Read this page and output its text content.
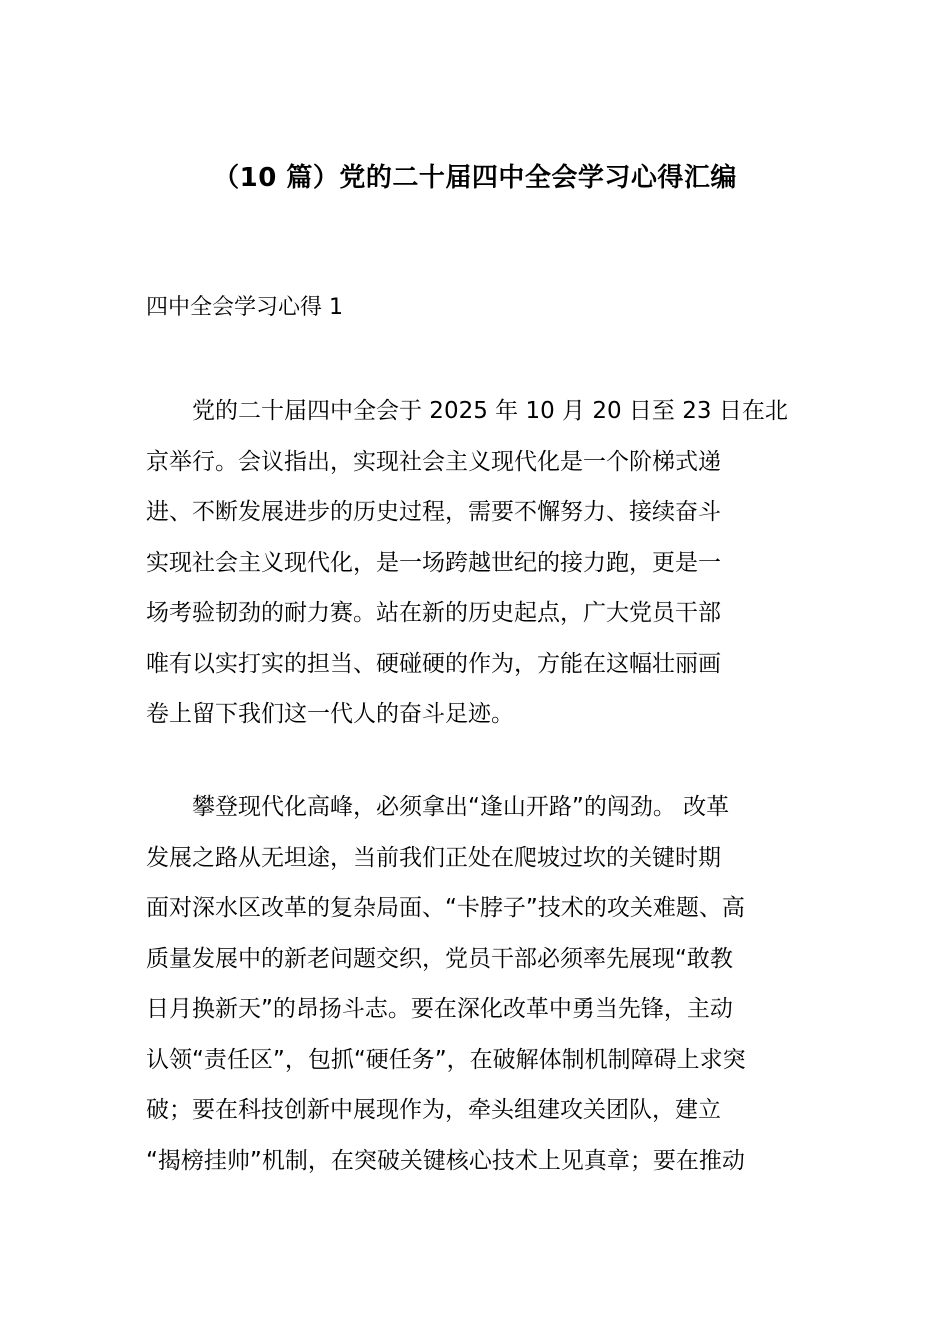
（10 篇）党的二十届四中全会学习心得汇编
四中全会学习心得 1

党的二十届四中全会于 2025 年 10 月 20 日至 23 日在北
京举行。会议指出，实现社会主义现代化是一个阶梯式递
进、不断发展进步的历史过程，需要不懈努力、接续奋斗
实现社会主义现代化，是一场跨越世纪的接力跑，更是一
场考验韧劲的耐力赛。站在新的历史起点，广大党员干部
唯有以实打实的担当、硬碰硬的作为，方能在这幅壮丽画
卷上留下我们这一代人的奋斗足迹。

攀登现代化高峰，必须拿出“逢山开路”的闯劲。 改革
发展之路从无坦途，当前我们正处在爬坡过坎的关键时期
面对深水区改革的复杂局面、“卡脖子”技术的攻关难题、高
质量发展中的新老问题交织，党员干部必须率先展现“敢教
日月换新天”的昂扬斗志。要在深化改革中勇当先锋，主动
认领“责任区”，包抓“硬任务”，在破解体制机制障碍上求突
破；要在科技创新中展现作为，牵头组建攻关团队，建立
“揭榜挂帅”机制，在突破关键核心技术上见真章；要在推动
